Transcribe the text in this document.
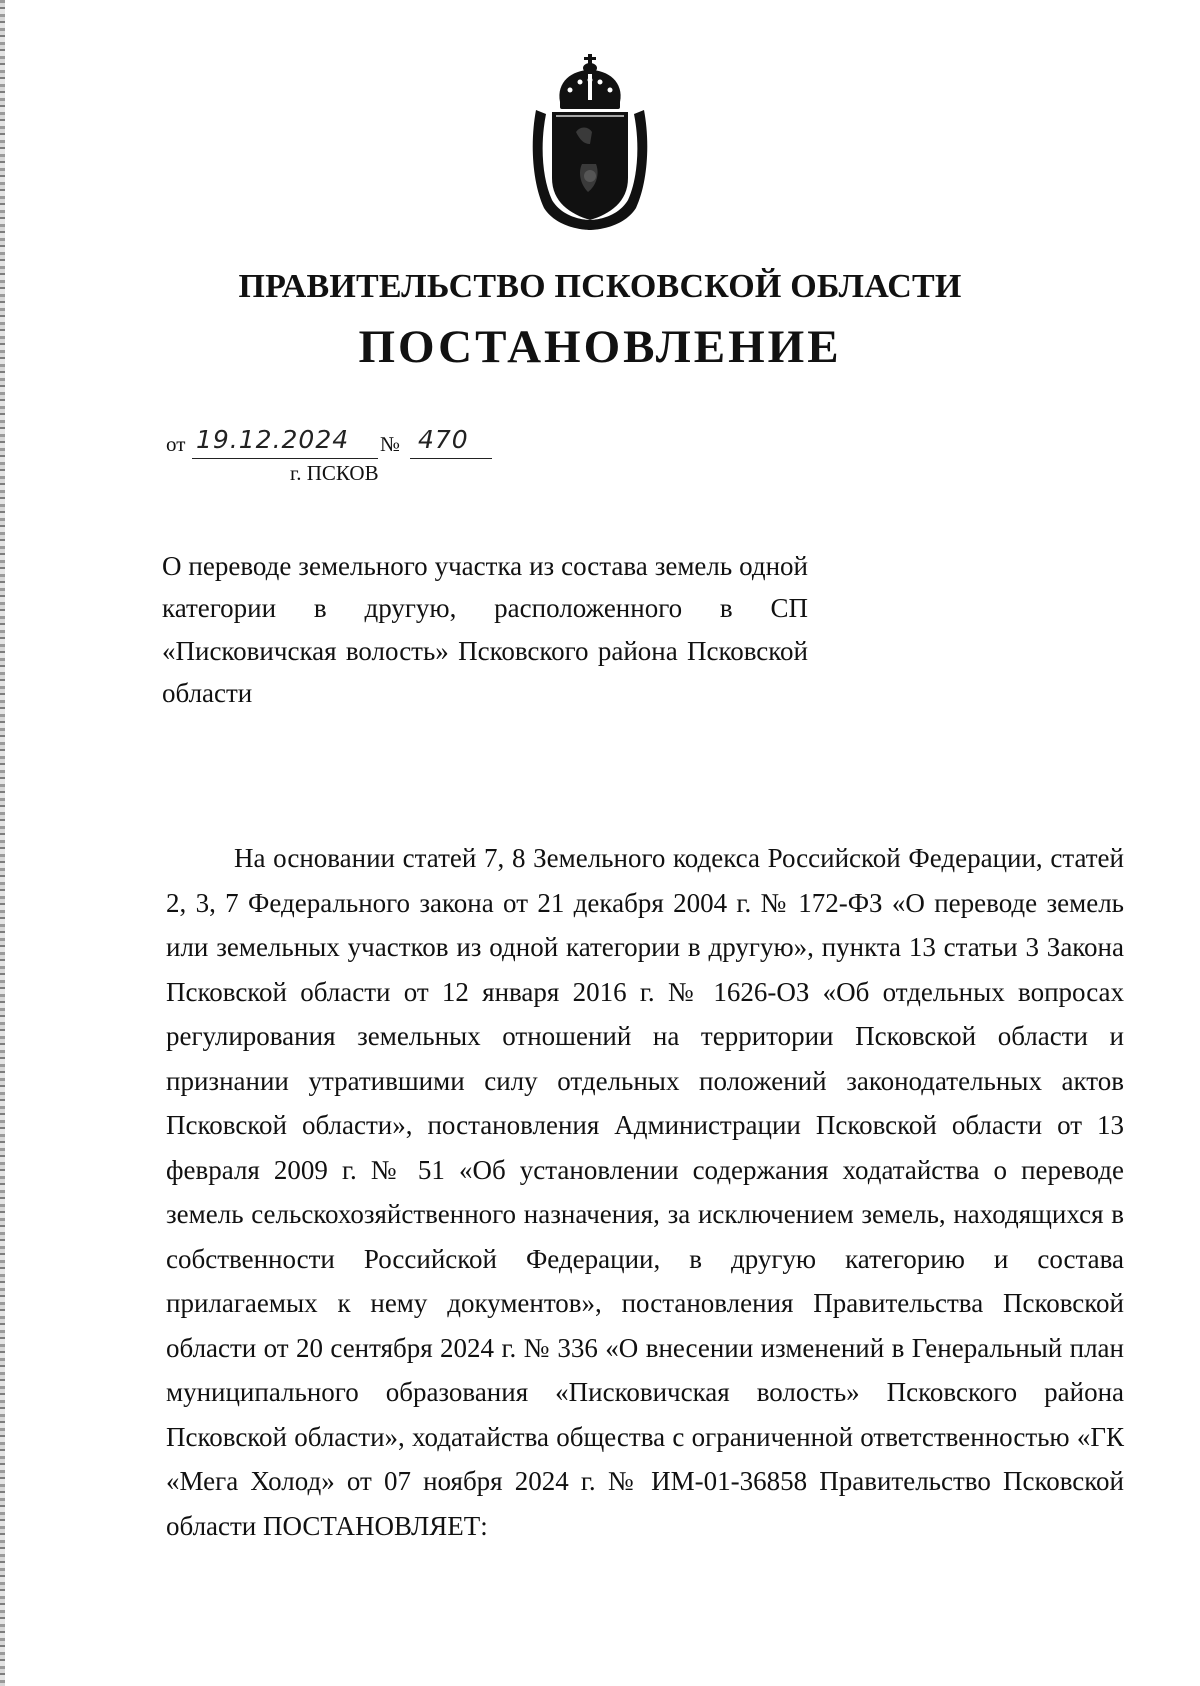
ПРАВИТЕЛЬСТВО ПСКОВСКОЙ ОБЛАСТИ
ПОСТАНОВЛЕНИЕ
от 19.12.2024 № 470
г. ПСКОВ
О переводе земельного участка из состава земель одной категории в другую, расположенного в СП «Писковичская волость» Псковского района Псковской области
На основании статей 7, 8 Земельного кодекса Российской Федерации, статей 2, 3, 7 Федерального закона от 21 декабря 2004 г. № 172-ФЗ «О переводе земель или земельных участков из одной категории в другую», пункта 13 статьи 3 Закона Псковской области от 12 января 2016 г. № 1626-ОЗ «Об отдельных вопросах регулирования земельных отношений на территории Псковской области и признании утратившими силу отдельных положений законодательных актов Псковской области», постановления Администрации Псковской области от 13 февраля 2009 г. № 51 «Об установлении содержания ходатайства о переводе земель сельскохозяйственного назначения, за исключением земель, находящихся в собственности Российской Федерации, в другую категорию и состава прилагаемых к нему документов», постановления Правительства Псковской области от 20 сентября 2024 г. № 336 «О внесении изменений в Генеральный план муниципального образования «Писковичская волость» Псковского района Псковской области», ходатайства общества с ограниченной ответственностью «ГК «Мега Холод» от 07 ноября 2024 г. № ИМ-01-36858 Правительство Псковской области ПОСТАНОВЛЯЕТ:
